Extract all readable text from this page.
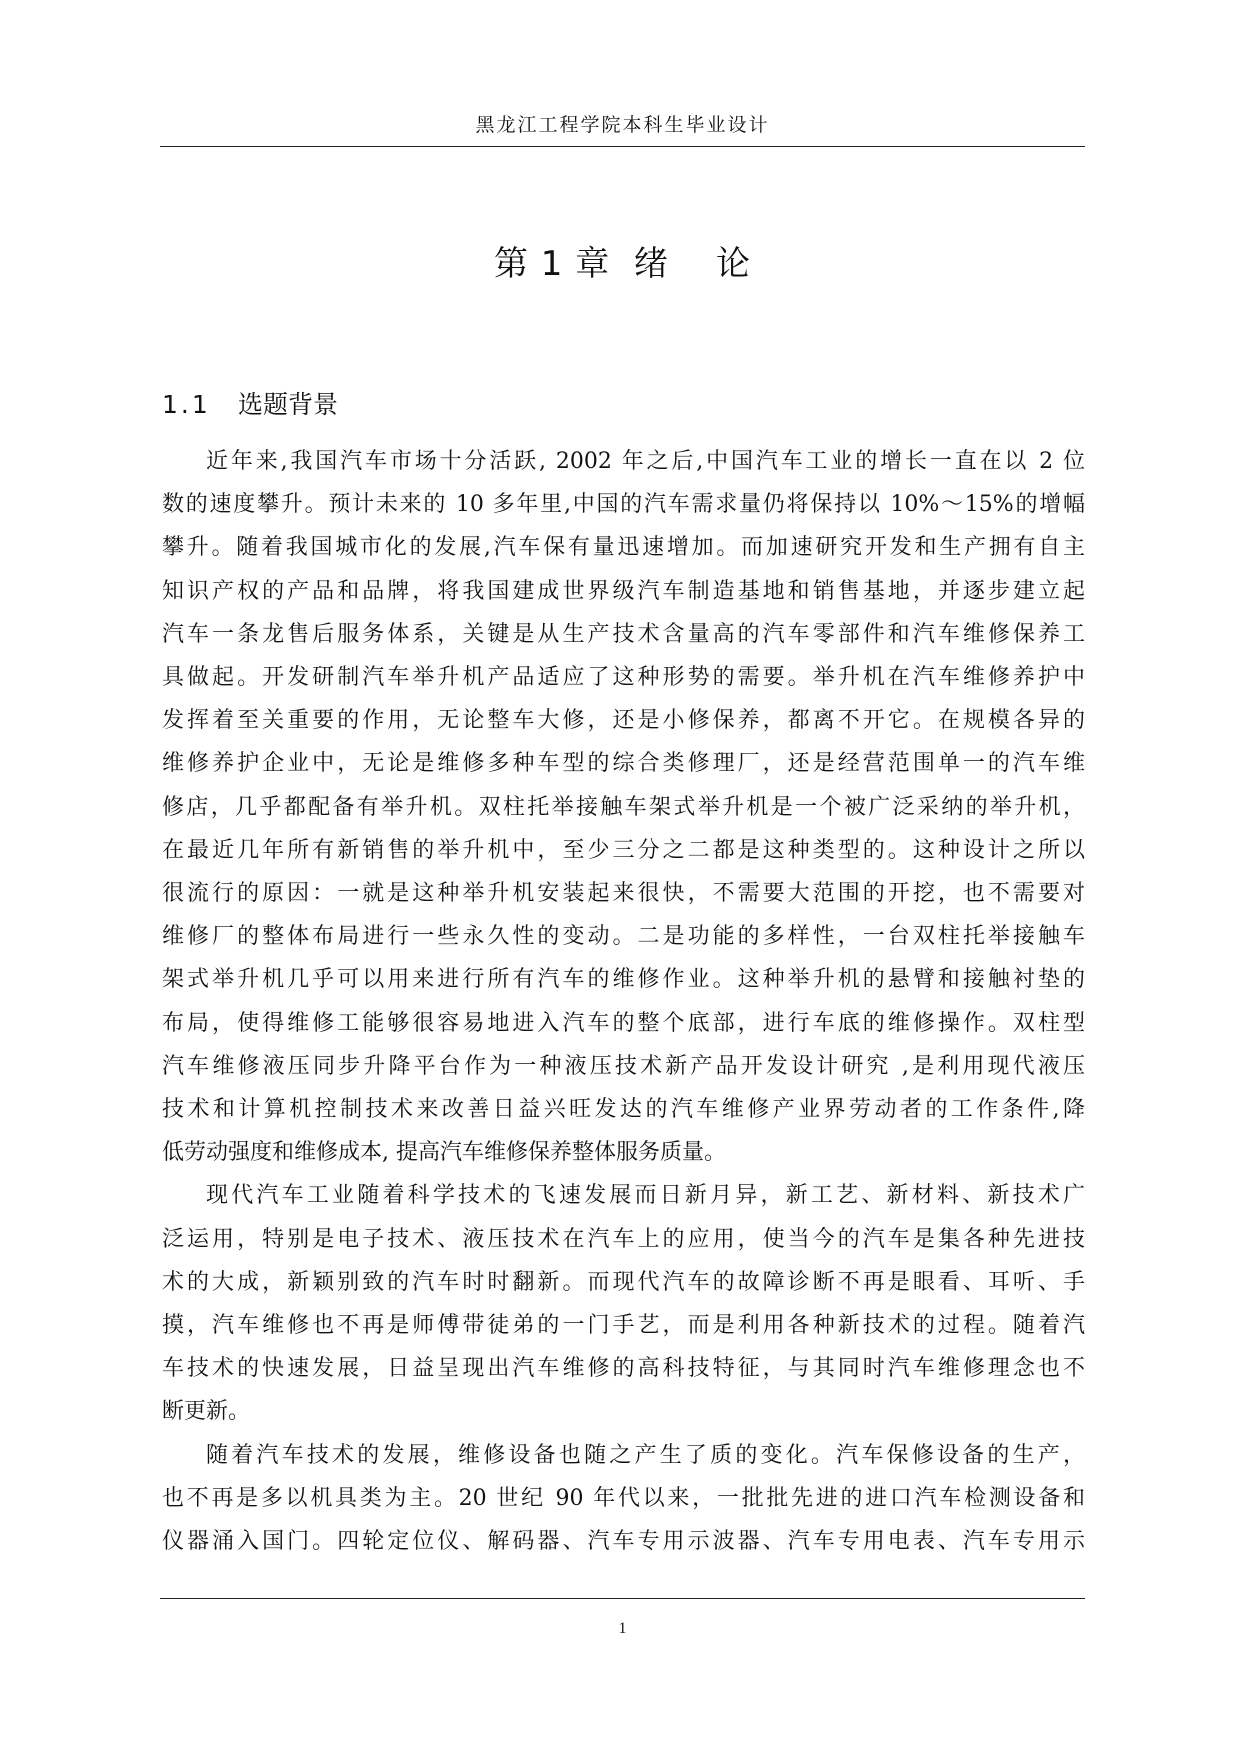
黑龙江工程学院本科生毕业设计
第 1 章  绪    论
1.1 选题背景
近年来,我国汽车市场十分活跃, 2002 年之后,中国汽车工业的增长一直在以 2 位
数的速度攀升。预计未来的 10 多年里,中国的汽车需求量仍将保持以 10%～15%的增幅
攀升。随着我国城市化的发展,汽车保有量迅速增加。而加速研究开发和生产拥有自主
知识产权的产品和品牌，将我国建成世界级汽车制造基地和销售基地，并逐步建立起
汽车一条龙售后服务体系，关键是从生产技术含量高的汽车零部件和汽车维修保养工
具做起。开发研制汽车举升机产品适应了这种形势的需要。举升机在汽车维修养护中
发挥着至关重要的作用，无论整车大修，还是小修保养，都离不开它。在规模各异的
维修养护企业中，无论是维修多种车型的综合类修理厂，还是经营范围单一的汽车维
修店，几乎都配备有举升机。双柱托举接触车架式举升机是一个被广泛采纳的举升机，
在最近几年所有新销售的举升机中，至少三分之二都是这种类型的。这种设计之所以
很流行的原因：一就是这种举升机安装起来很快，不需要大范围的开挖，也不需要对
维修厂的整体布局进行一些永久性的变动。二是功能的多样性，一台双柱托举接触车
架式举升机几乎可以用来进行所有汽车的维修作业。这种举升机的悬臂和接触衬垫的
布局，使得维修工能够很容易地进入汽车的整个底部，进行车底的维修操作。双柱型
汽车维修液压同步升降平台作为一种液压技术新产品开发设计研究 ,是利用现代液压
技术和计算机控制技术来改善日益兴旺发达的汽车维修产业界劳动者的工作条件,降
低劳动强度和维修成本, 提高汽车维修保养整体服务质量。
现代汽车工业随着科学技术的飞速发展而日新月异，新工艺、新材料、新技术广
泛运用，特别是电子技术、液压技术在汽车上的应用，使当今的汽车是集各种先进技
术的大成，新颖别致的汽车时时翻新。而现代汽车的故障诊断不再是眼看、耳听、手
摸，汽车维修也不再是师傅带徒弟的一门手艺，而是利用各种新技术的过程。随着汽
车技术的快速发展，日益呈现出汽车维修的高科技特征，与其同时汽车维修理念也不
断更新。
随着汽车技术的发展，维修设备也随之产生了质的变化。汽车保修设备的生产，
也不再是多以机具类为主。20 世纪 90 年代以来，一批批先进的进口汽车检测设备和
仪器涌入国门。四轮定位仪、解码器、汽车专用示波器、汽车专用电表、汽车专用示
1
